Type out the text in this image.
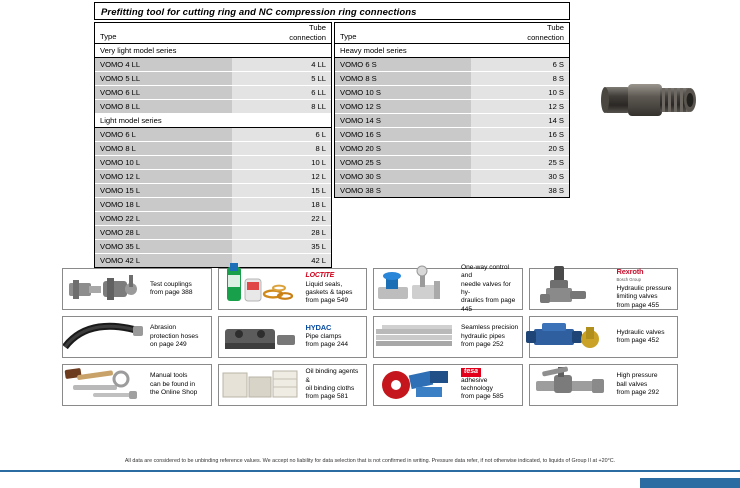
Prefitting tool for cutting ring and NC compression ring connections
Type	Tube
connection

Very light model series	
VOMO 4 LL	4 LL
VOMO 5 LL	5 LL
VOMO 6 LL	6 LL
VOMO 8 LL	8 LL
Light model series	
VOMO 6 L	6 L
VOMO 8 L	8 L
VOMO 10 L	10 L
VOMO 12 L	12 L
VOMO 15 L	15 L
VOMO 18 L	18 L
VOMO 22 L	22 L
VOMO 28 L	28 L
VOMO 35 L	35 L
VOMO 42 L	42 L
Type	Tube
connection

Heavy model series	
VOMO 6 S	6 S
VOMO 8 S	8 S
VOMO 10 S	10 S
VOMO 12 S	12 S
VOMO 14 S	14 S
VOMO 16 S	16 S
VOMO 20 S	20 S
VOMO 25 S	25 S
VOMO 30 S	30 S
VOMO 38 S	38 S
Test couplings
from page 388
LOCTITE
Liquid seals,
gaskets & tapes
from page 549
One-way control and
needle valves for hy-
draulics from page 445
Rexroth
Bosch Group
Hydraulic pressure
limiting valves
from page 455
Abrasion
protection hoses
on page 249
HYDAC
Pipe clamps
from page 244
Seamless precision
hydraulic pipes
from page 252
Hydraulic valves
from page 452
Manual tools
can be found in
the Online Shop
Oil binding agents &
oil binding cloths
from page 581
tesa
adhesive
technology
from page 585
High pressure
ball valves
from page 292
All data are considered to be unbinding reference values. We accept no liability for data selection that is not confirmed in writing. Pressure data refer, if not otherwise indicated, to liquids of Group II at +20°C.
